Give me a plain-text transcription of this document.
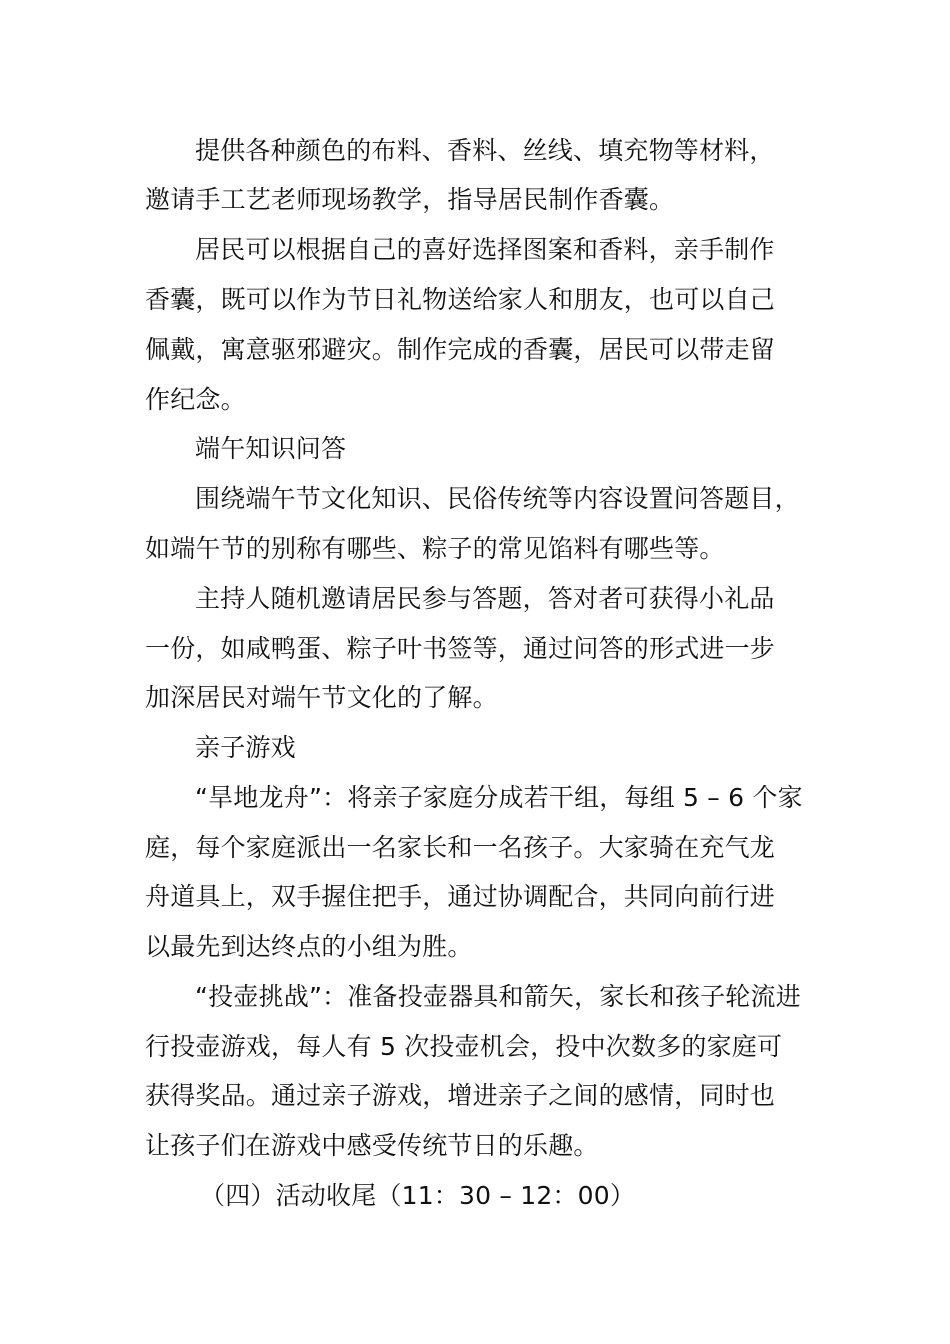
提供各种颜色的布料、香料、丝线、填充物等材料，
邀请手工艺老师现场教学，指导居民制作香囊。
居民可以根据自己的喜好选择图案和香料，亲手制作
香囊，既可以作为节日礼物送给家人和朋友，也可以自己
佩戴，寓意驱邪避灾。制作完成的香囊，居民可以带走留
作纪念。
端午知识问答
围绕端午节文化知识、民俗传统等内容设置问答题目，
如端午节的别称有哪些、粽子的常见馅料有哪些等。
主持人随机邀请居民参与答题，答对者可获得小礼品
一份，如咸鸭蛋、粽子叶书签等，通过问答的形式进一步
加深居民对端午节文化的了解。
亲子游戏
“旱地龙舟”：将亲子家庭分成若干组，每组 5 – 6 个家
庭，每个家庭派出一名家长和一名孩子。大家骑在充气龙
舟道具上，双手握住把手，通过协调配合，共同向前行进
以最先到达终点的小组为胜。
“投壶挑战”：准备投壶器具和箭矢，家长和孩子轮流进
行投壶游戏，每人有 5 次投壶机会，投中次数多的家庭可
获得奖品。通过亲子游戏，增进亲子之间的感情，同时也
让孩子们在游戏中感受传统节日的乐趣。
（四）活动收尾（11：30 – 12：00）
